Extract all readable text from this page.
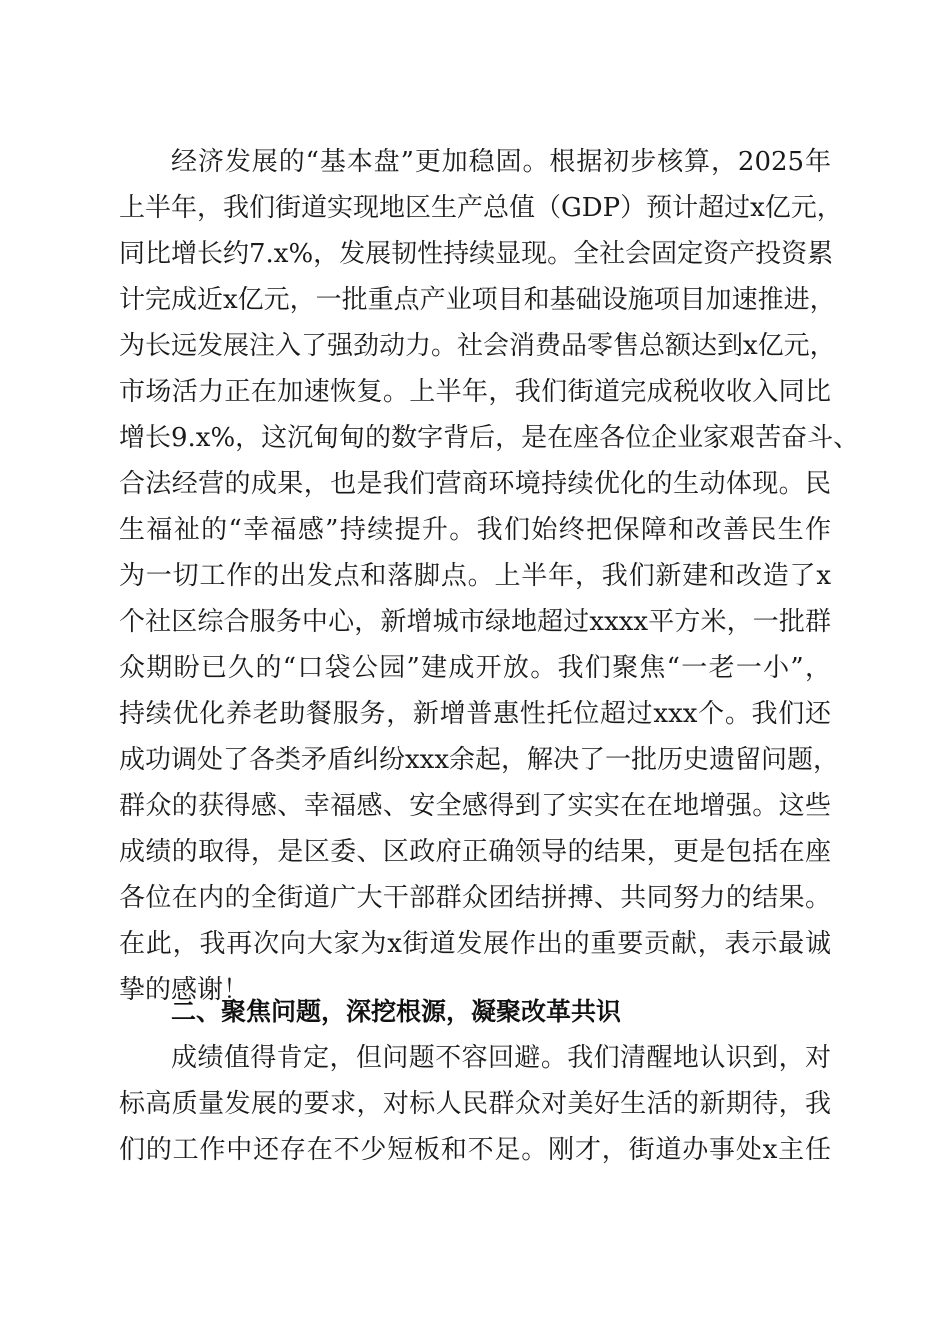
经济发展的“基本盘”更加稳固。根据初步核算，2025年
上半年，我们街道实现地区生产总值（GDP）预计超过x亿元，
同比增长约7.x%，发展韧性持续显现。全社会固定资产投资累
计完成近x亿元，一批重点产业项目和基础设施项目加速推进，
为长远发展注入了强劲动力。社会消费品零售总额达到x亿元，
市场活力正在加速恢复。上半年，我们街道完成税收收入同比
增长9.x%，这沉甸甸的数字背后，是在座各位企业家艰苦奋斗、
合法经营的成果，也是我们营商环境持续优化的生动体现。民
生福祉的“幸福感”持续提升。我们始终把保障和改善民生作
为一切工作的出发点和落脚点。上半年，我们新建和改造了x
个社区综合服务中心，新增城市绿地超过xxxx平方米，一批群
众期盼已久的“口袋公园”建成开放。我们聚焦“一老一小”，
持续优化养老助餐服务，新增普惠性托位超过xxx个。我们还
成功调处了各类矛盾纠纷xxx余起，解决了一批历史遗留问题，
群众的获得感、幸福感、安全感得到了实实在在地增强。这些
成绩的取得，是区委、区政府正确领导的结果，更是包括在座
各位在内的全街道广大干部群众团结拼搏、共同努力的结果。
在此，我再次向大家为x街道发展作出的重要贡献，表示最诚
挚的感谢！
二、聚焦问题，深挖根源，凝聚改革共识
成绩值得肯定，但问题不容回避。我们清醒地认识到，对
标高质量发展的要求，对标人民群众对美好生活的新期待，我
们的工作中还存在不少短板和不足。刚才，街道办事处x主任
